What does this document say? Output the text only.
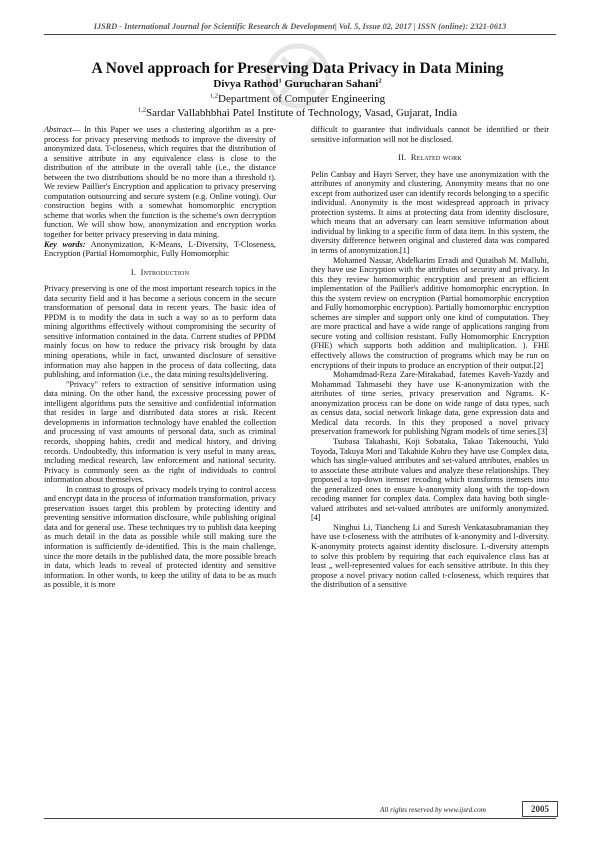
IJSRD - International Journal for Scientific Research & Development| Vol. 5, Issue 02, 2017 | ISSN (online): 2321-0613
A Novel approach for Preserving Data Privacy in Data Mining
Divya Rathod$^1$ Gurucharan Sahani$^2$
$^{1,2}$Department of Computer Engineering
$^{1,2}$Sardar Vallabhbhai Patel Institute of Technology, Vasad, Gujarat, India

Abstract— In this Paper we uses a clustering algorithm as a pre-process for privacy preserving methods to improve the diversity of anonymized data. T-closeness, which requires that the distribution of a sensitive attribute in any equivalence class is close to the distribution of the attribute in the overall table (i.e., the distance between the two distributions should be no more than a threshold t). We review Paillier's Encryption and application to privacy preserving computation outsourcing and secure system (e.g. Online voting). Our construction begins with a somewhat homomorphic encryption scheme that works when the function is the scheme's own decryption function. We will show how, anonymization and encryption works together for better privacy preserving in data mining.

Key words: Anonymization, K-Means, L-Diversity, T-Closeness, Encryption (Partial Homomorphic, Fully Homomorphic

I. Introduction

Privacy preserving is one of the most important research topics in the data security field and it has become a serious concern in the secure transformation of personal data in recent years. The basic idea of PPDM is to modify the data in such a way so as to perform data mining algorithms effectively without compromising the security of sensitive information contained in the data. Current studies of PPDM mainly focus on how to reduce the privacy risk brought by data mining operations, while in fact, unwanted disclosure of sensitive information may also happen in the process of data collecting, data publishing, and information (i.e., the data mining results)delivering.

"Privacy" refers to extraction of sensitive information using data mining. On the other hand, the excessive processing power of intelligent algorithms puts the sensitive and confidential information that resides in large and distributed data stores at risk. Recent developments in information technology have enabled the collection and processing of vast amounts of personal data, such as criminal records, shopping habits, credit and medical history, and driving records. Undoubtedly, this information is very useful in many areas, including medical research, law enforcement and national security. Privacy is commonly seen as the right of individuals to control information about themselves.

In contrast to groups of privacy models trying to control access and encrypt data in the process of information transformation, privacy preservation issues target this problem by protecting identity and preventing sensitive information disclosure, while publishing original data and for general use. These techniques try to publish data keeping as much detail in the data as possible while still making sure the information is sufficiently de-identified. This is the main challenge, since the more details in the published data, the more possible breach in data, which leads to reveal of protected identity and sensitive information. In other words, to keep the utility of data to be as much as possible, it is more

difficult to guarantee that individuals cannot be identified or their sensitive information will not be disclosed.

II. Related work

Pelin Canbay and Hayri Server, they have use anonymization with the attributes of anonymity and clustering. Anonymity means that no one except from authorized user can identify records belonging to a specific individual. Anonymity is the most widespread approach in privacy protection systems. It aims at protecting data from identity disclosure, which means that an adversary can learn sensitive information about individual by linking to a specific form of data item. In this system, the diversity difference between original and clustered data was compared in terms of anonymization.[1]

Mohamed Nassar, Abdelkarim Erradi and Qutaibah M. Malluhi, they have use Encryption with the attributes of security and privacy. In this they review homomorphic encryption and present an efficient implementation of the Paillier's additive homomorphic encryption. In this the system review on encryption (Partial homomorphic encryption and Fully homomorphic encryption). Partially homomorphic encryption schemes are simpler and support only one kind of computation. They are more practical and have a wide range of applications ranging from secure voting and collision resistant. Fully Homomorphic Encryption (FHE) which supports both addition and multiplication. ). FHE effectively allows the construction of programs which may be run on encryptions of their inputs to produce an encryption of their output.[2]

Mohamdmad-Reza Zare-Mirakabad, fatemes Kaveh-Yazdy and Mohammad Tahmasebi they have use K-anonymization with the attributes of time series, privacy preservation and Ngrams. K-anonymization process can be done on wide range of data types, such as census data, social network linkage data, gene expression data and Medical data records. In this they proposed a novel privacy preservation framework for publishing Ngram models of time series.[3]

Tsubasa Takahashi, Koji Sobataka, Takao Takenouchi, Yuki Toyoda, Takuya Mori and Takahide Kohro they have use Complex data, which has single-valued attributes and set-valued attributes, enables us to associate these attribute values and analyze these relationships. They proposed a top-down itemset recoding which transforms itemsets into the generalized ones to ensure k-anonymity along with the top-down recoding manner for complex data. Complex data having both single-valued attributes and set-valued attributes are uniformly anonymized.[4]

Ninghui Li, Tiancheng Li and Suresh Venkatasubramanian they have use t-closeness with the attributes of k-anonymity and l-diversity. K-anonymity protects against identity disclosure. L-diversity attempts to solve this problem by requiring that each equivalence class has at least „ well-represented values for each sensitive attribute. In this they propose a novel privacy notion called t-closeness, which requires that the distribution of a sensitive

All rights reserved by www.ijsrd.com	2005
